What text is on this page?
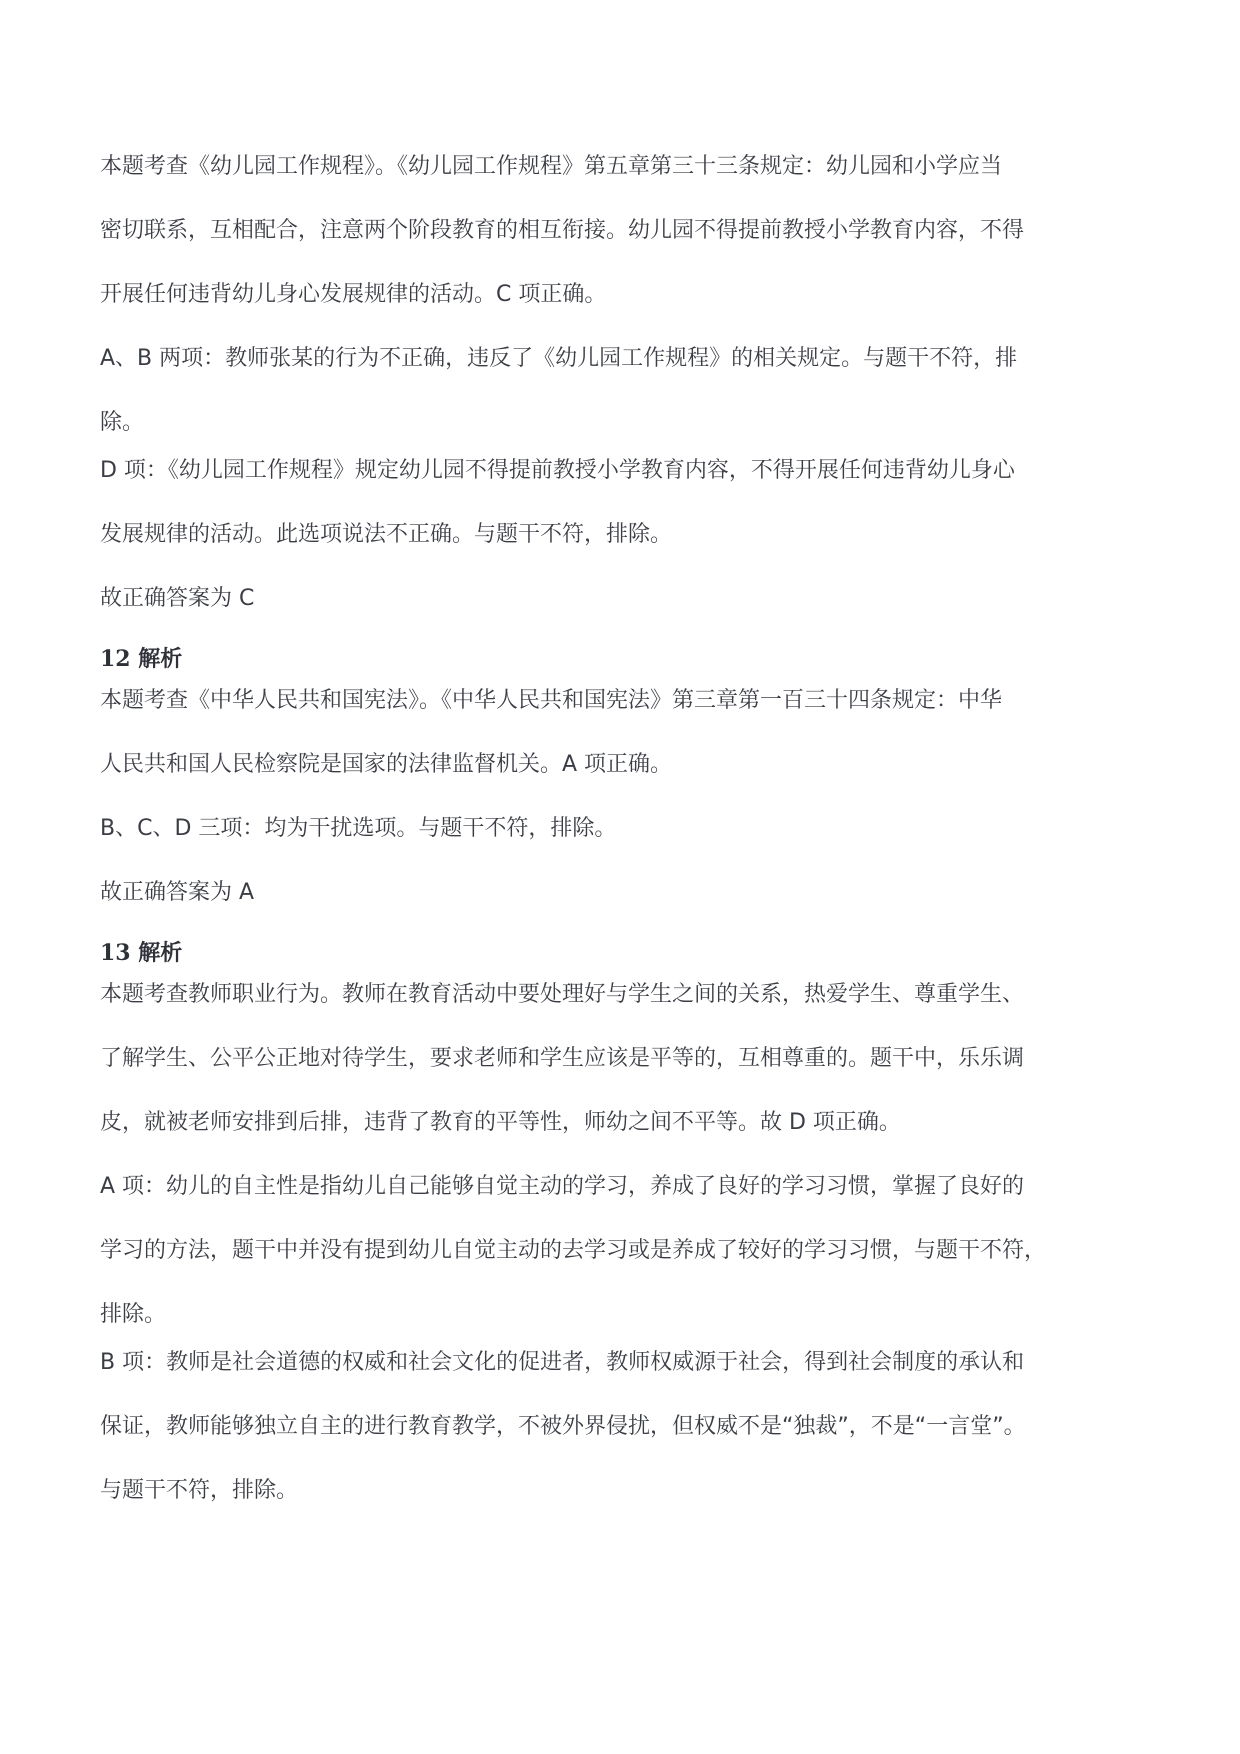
本题考查《幼儿园工作规程》。《幼儿园工作规程》第五章第三十三条规定：幼儿园和小学应当
密切联系，互相配合，注意两个阶段教育的相互衔接。幼儿园不得提前教授小学教育内容，不得
开展任何违背幼儿身心发展规律的活动。C 项正确。
A、B 两项：教师张某的行为不正确，违反了《幼儿园工作规程》的相关规定。与题干不符，排
除。
D 项：《幼儿园工作规程》规定幼儿园不得提前教授小学教育内容，不得开展任何违背幼儿身心
发展规律的活动。此选项说法不正确。与题干不符，排除。
故正确答案为 C
12 解析
本题考查《中华人民共和国宪法》。《中华人民共和国宪法》第三章第一百三十四条规定：中华
人民共和国人民检察院是国家的法律监督机关。A 项正确。
B、C、D 三项：均为干扰选项。与题干不符，排除。
故正确答案为 A
13 解析
本题考查教师职业行为。教师在教育活动中要处理好与学生之间的关系，热爱学生、尊重学生、
了解学生、公平公正地对待学生，要求老师和学生应该是平等的，互相尊重的。题干中，乐乐调
皮，就被老师安排到后排，违背了教育的平等性，师幼之间不平等。故 D 项正确。
A 项：幼儿的自主性是指幼儿自己能够自觉主动的学习，养成了良好的学习习惯，掌握了良好的
学习的方法，题干中并没有提到幼儿自觉主动的去学习或是养成了较好的学习习惯，与题干不符，
排除。
B 项：教师是社会道德的权威和社会文化的促进者，教师权威源于社会，得到社会制度的承认和
保证，教师能够独立自主的进行教育教学，不被外界侵扰，但权威不是“独裁”，不是“一言堂”。
与题干不符，排除。
